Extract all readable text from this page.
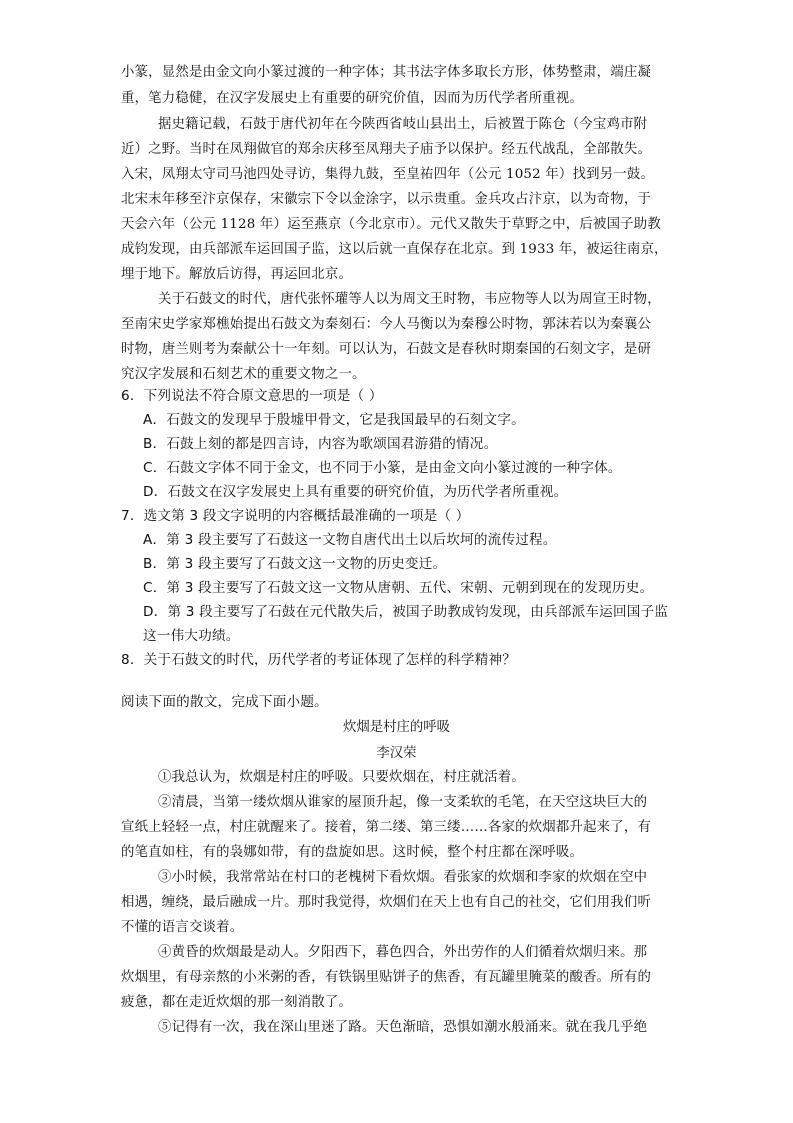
小篆，显然是由金文向小篆过渡的一种字体；其书法字体多取长方形，体势整肃，端庄凝
重，笔力稳健，在汉字发展史上有重要的研究价值，因而为历代学者所重视。
据史籍记载，石鼓于唐代初年在今陕西省岐山县出土，后被置于陈仓（今宝鸡市附
近）之野。当时在凤翔做官的郑余庆移至凤翔夫子庙予以保护。经五代战乱，全部散失。
入宋，凤翔太守司马池四处寻访，集得九鼓，至皇祐四年（公元 1052 年）找到另一鼓。
北宋末年移至汴京保存，宋徽宗下令以金涂字，以示贵重。金兵攻占汴京，以为奇物，于
天会六年（公元 1128 年）运至燕京（今北京市）。元代又散失于草野之中，后被国子助教
成钧发现，由兵部派车运回国子监，这以后就一直保存在北京。到 1933 年，被运往南京，
埋于地下。解放后访得，再运回北京。
关于石鼓文的时代，唐代张怀瓘等人以为周文王时物，韦应物等人以为周宣王时物，
至南宋史学家郑樵始提出石鼓文为秦刻石：今人马衡以为秦穆公时物，郭沫若以为秦襄公
时物，唐兰则考为秦献公十一年刻。可以认为，石鼓文是春秋时期秦国的石刻文字，是研
究汉字发展和石刻艺术的重要文物之一。
6．下列说法不符合原文意思的一项是（ ）
A．石鼓文的发现早于殷墟甲骨文，它是我国最早的石刻文字。
B．石鼓上刻的都是四言诗，内容为歌颂国君游猎的情况。
C．石鼓文字体不同于金文，也不同于小篆，是由金文向小篆过渡的一种字体。
D．石鼓文在汉字发展史上具有重要的研究价值，为历代学者所重视。
7．选文第 3 段文字说明的内容概括最准确的一项是（ ）
A．第 3 段主要写了石鼓这一文物自唐代出土以后坎坷的流传过程。
B．第 3 段主要写了石鼓文这一文物的历史变迁。
C．第 3 段主要写了石鼓文这一文物从唐朝、五代、宋朝、元朝到现在的发现历史。
D．第 3 段主要写了石鼓在元代散失后，被国子助教成钧发现，由兵部派车运回国子监
这一伟大功绩。
8．关于石鼓文的时代，历代学者的考证体现了怎样的科学精神？
阅读下面的散文，完成下面小题。
炊烟是村庄的呼吸
李汉荣
①我总认为，炊烟是村庄的呼吸。只要炊烟在，村庄就活着。
②清晨，当第一缕炊烟从谁家的屋顶升起，像一支柔软的毛笔，在天空这块巨大的
宣纸上轻轻一点，村庄就醒来了。接着，第二缕、第三缕……各家的炊烟都升起来了，有
的笔直如柱，有的袅娜如带，有的盘旋如思。这时候，整个村庄都在深呼吸。
③小时候，我常常站在村口的老槐树下看炊烟。看张家的炊烟和李家的炊烟在空中
相遇，缠绕，最后融成一片。那时我觉得，炊烟们在天上也有自己的社交，它们用我们听
不懂的语言交谈着。
④黄昏的炊烟最是动人。夕阳西下，暮色四合，外出劳作的人们循着炊烟归来。那
炊烟里，有母亲熬的小米粥的香，有铁锅里贴饼子的焦香，有瓦罐里腌菜的酸香。所有的
疲惫，都在走近炊烟的那一刻消散了。
⑤记得有一次，我在深山里迷了路。天色渐暗，恐惧如潮水般涌来。就在我几乎绝
